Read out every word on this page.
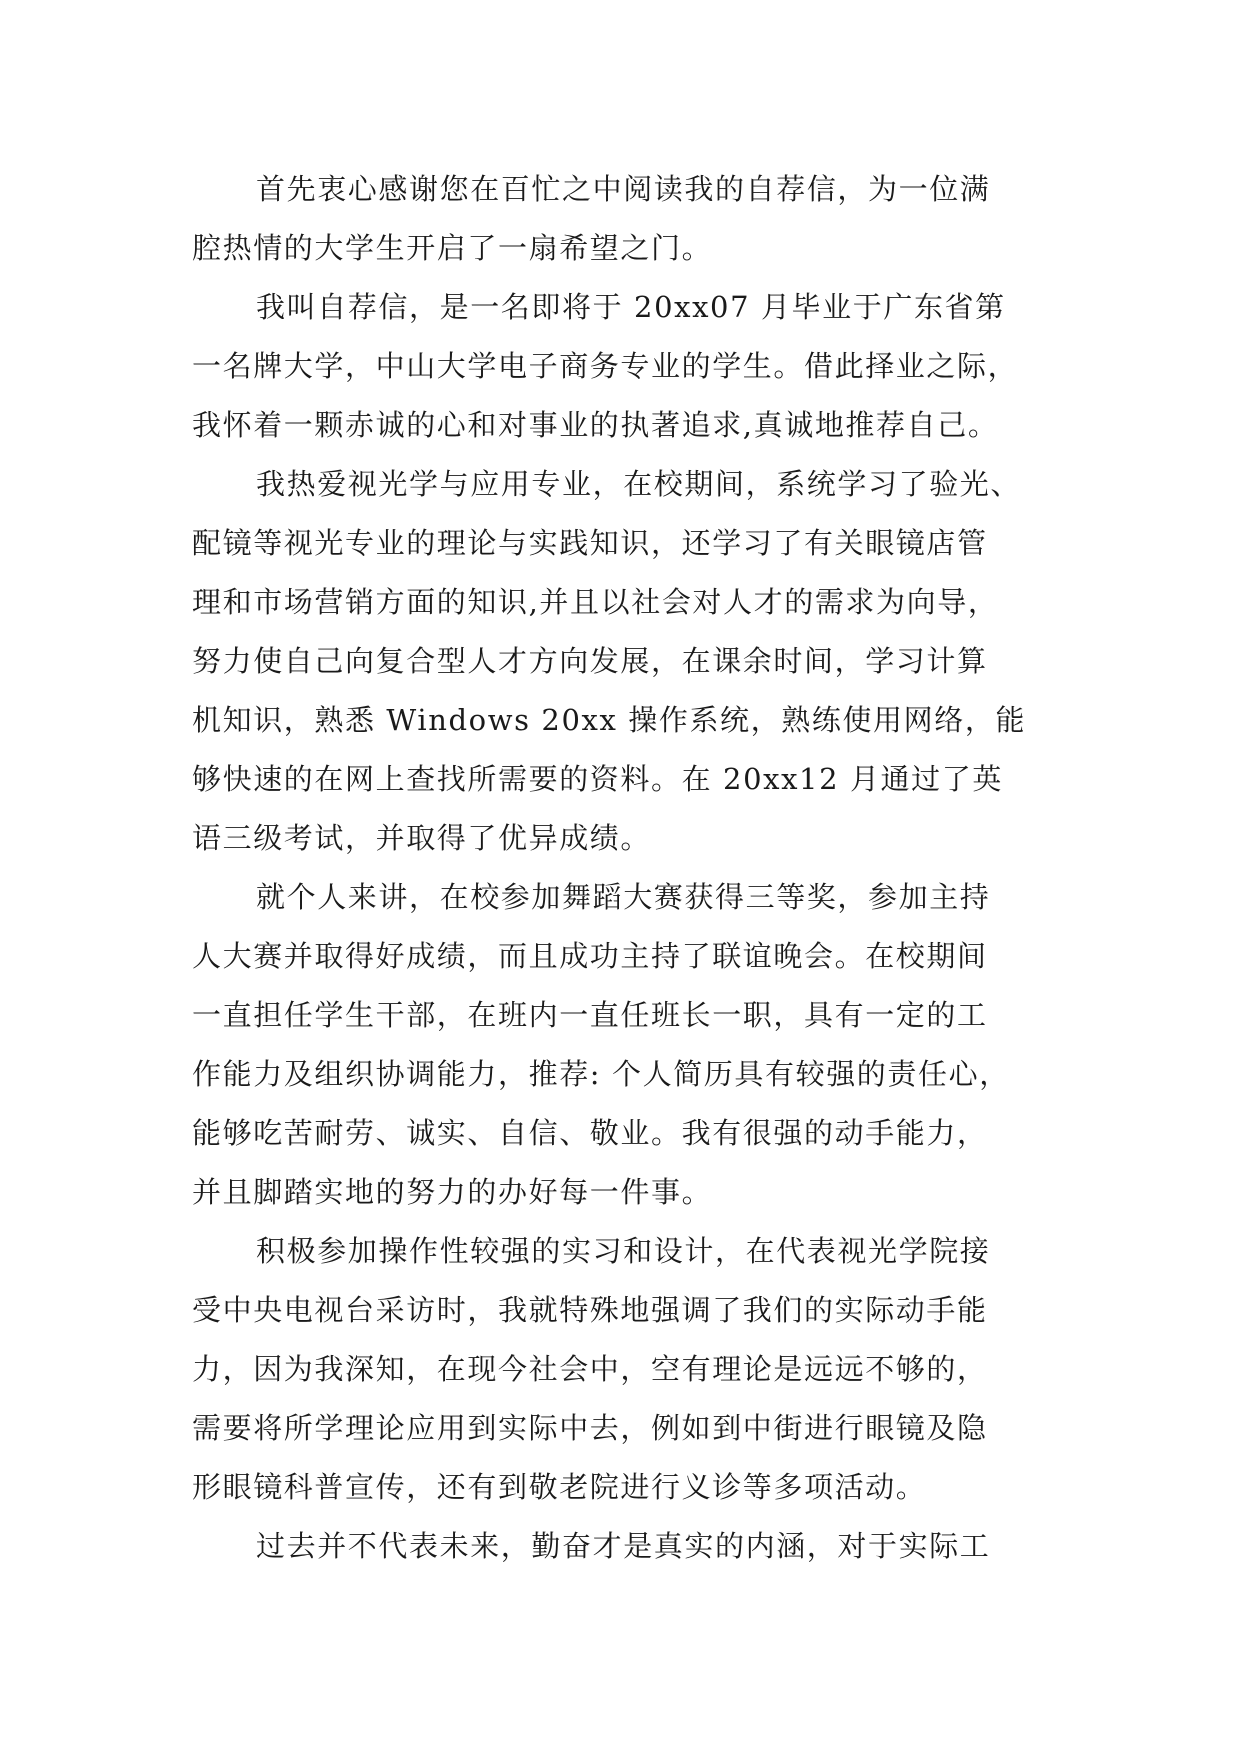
首先衷心感谢您在百忙之中阅读我的自荐信，为一位满
腔热情的大学生开启了一扇希望之门。
我叫自荐信，是一名即将于 20xx07 月毕业于广东省第
一名牌大学，中山大学电子商务专业的学生。借此择业之际，
我怀着一颗赤诚的心和对事业的执著追求,真诚地推荐自己。
我热爱视光学与应用专业，在校期间，系统学习了验光、
配镜等视光专业的理论与实践知识，还学习了有关眼镜店管
理和市场营销方面的知识,并且以社会对人才的需求为向导，
努力使自己向复合型人才方向发展，在课余时间，学习计算
机知识，熟悉 Windows 20xx 操作系统，熟练使用网络，能
够快速的在网上查找所需要的资料。在 20xx12 月通过了英
语三级考试，并取得了优异成绩。
就个人来讲，在校参加舞蹈大赛获得三等奖，参加主持
人大赛并取得好成绩，而且成功主持了联谊晚会。在校期间
一直担任学生干部，在班内一直任班长一职，具有一定的工
作能力及组织协调能力，推荐: 个人简历具有较强的责任心，
能够吃苦耐劳、诚实、自信、敬业。我有很强的动手能力，
并且脚踏实地的努力的办好每一件事。
积极参加操作性较强的实习和设计，在代表视光学院接
受中央电视台采访时，我就特殊地强调了我们的实际动手能
力，因为我深知，在现今社会中，空有理论是远远不够的，
需要将所学理论应用到实际中去，例如到中街进行眼镜及隐
形眼镜科普宣传，还有到敬老院进行义诊等多项活动。
过去并不代表未来，勤奋才是真实的内涵，对于实际工
